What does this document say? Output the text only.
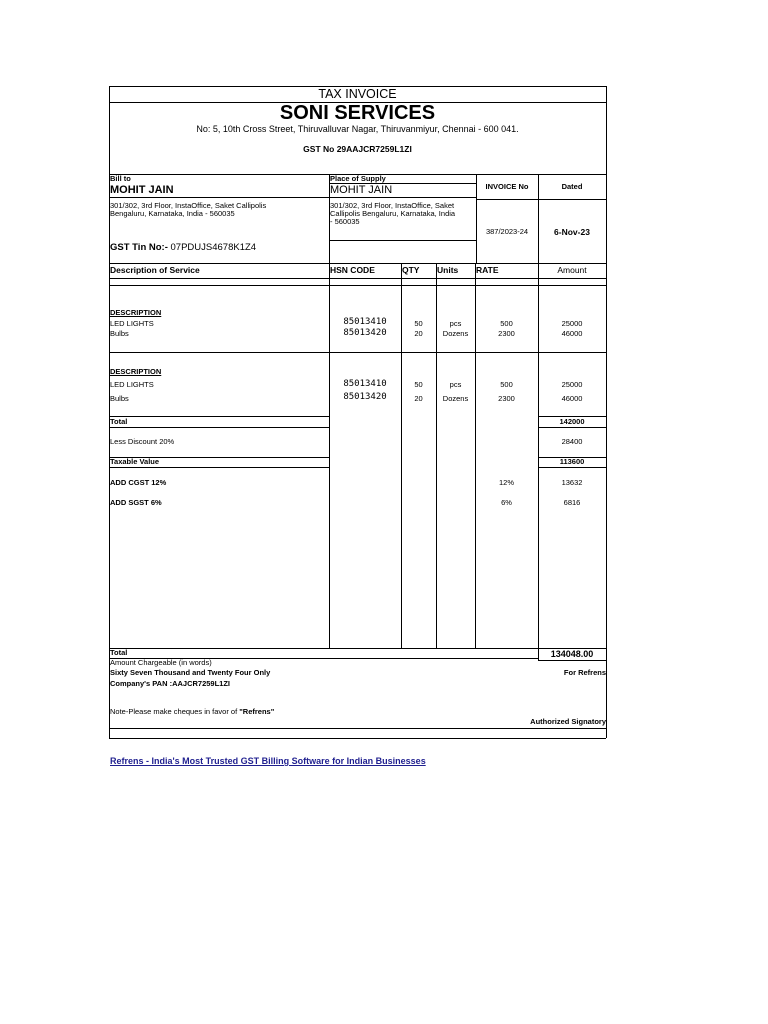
TAX INVOICE
SONI SERVICES
No: 5, 10th Cross Street, Thiruvalluvar Nagar, Thiruvanmiyur, Chennai - 600 041.
GST No 29AAJCR7259L1ZI
Bill to
MOHIT JAIN
301/302, 3rd Floor, InstaOffice, Saket Callipolis
Bengaluru, Karnataka, India - 560035
GST Tin No:- 07PDUJS4678K1Z4
Place of Supply
MOHIT JAIN
301/302, 3rd Floor, InstaOffice, Saket
Callipolis Bengaluru, Karnataka, India
- 560035
INVOICE No	Dated
387/2023-24	6-Nov-23
Description of Service	HSN CODE	QTY Units RATE	Amount
DESCRIPTION
LED LIGHTS	85013410	50	pcs	500	25000
Bulbs	85013420	20	Dozens	2300	46000
DESCRIPTION
LED LIGHTS	85013410	50	pcs	500	25000
Bulbs	85013420	20	Dozens	2300	46000
Total	142000
Less Discount 20%	28400
Taxable Value	113600
ADD CGST 12%	12%	13632
ADD SGST 6%	6%	6816
Total	134048.00
Amount Chargeable (in words)
Sixty Seven Thousand and Twenty Four Only	For Refrens
Company's PAN :AAJCR7259L1ZI
Note-Please make cheques in favor of "Refrens"
Authorized Signatory
Refrens - India's Most Trusted GST Billing Software for Indian Businesses
